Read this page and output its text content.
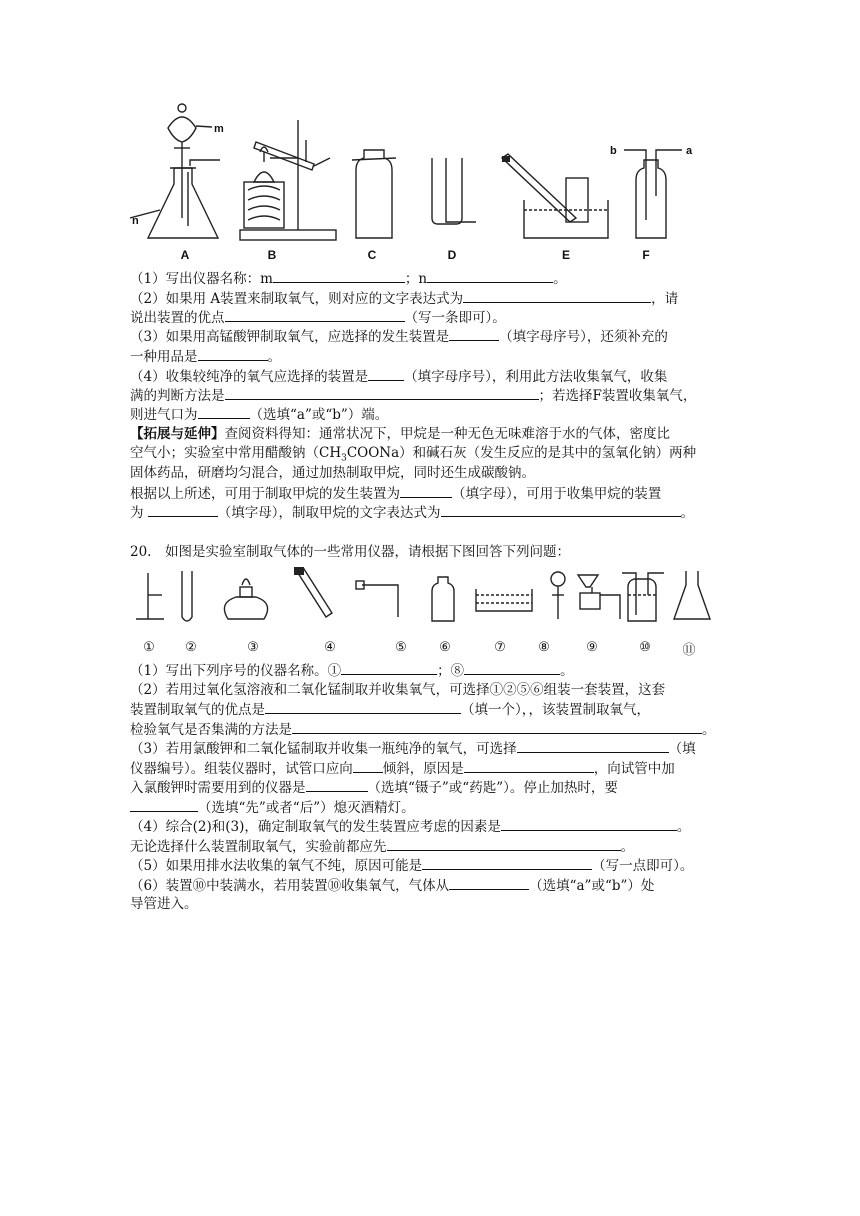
m
n
b	a
A	B	C	D	E	F
（1）写出仪器名称：m	；n	。
（2）如果用 A装置来制取氧气，则对应的文字表达式为	，请
说出装置的优点	（写一条即可）。
（3）如果用高锰酸钾制取氧气，应选择的发生装置是	（填字母序号），还须补充的
一种用品是	。
（4）收集较纯净的氧气应选择的装置是	（填字母序号），利用此方法收集氧气，收集
满的判断方法是	；若选择F装置收集氧气，
则进气口为	（选填“a”或“b”）端。
【拓展与延伸】查阅资料得知：通常状况下，甲烷是一种无色无味难溶于水的气体，密度比
空气小；实验室中常用醋酸钠$(CH_3COONa)$和碱石灰（发生反应的是其中的氢氧化钠）两种
固体药品，研磨均匀混合，通过加热制取甲烷，同时还生成碳酸钠。
根据以上所述，可用于制取甲烷的发生装置为	（填字母），可用于收集甲烷的装置
为	（填字母），制取甲烷的文字表达式为	。
20.　如图是实验室制取气体的一些常用仪器，请根据下图回答下列问题：
① ②	③	④	⑤ ⑥	⑦ ⑧	⑨	⑩ ⑪
（1）写出下列序号的仪器名称。①	；⑧	。
（2）若用过氧化氢溶液和二氧化锰制取并收集氧气，可选择①②⑤⑥组装一套装置，这套
装置制取氧气的优点是	（填一个），，该装置制取氧气，
检验氧气是否集满的方法是	。
（3）若用氯酸钾和二氧化锰制取并收集一瓶纯净的氧气，可选择	（填
仪器编号）。组装仪器时，试管口应向 倾斜，原因是	，向试管中加
入氯酸钾时需要用到的仪器是	（选填“镊子”或“药匙”）。停止加热时，要
（选填“先”或者“后”）熄灭酒精灯。
（4）综合(2)和(3)，确定制取氧气的发生装置应考虑的因素是	。
无论选择什么装置制取氧气，实验前都应先	。
（5）如果用排水法收集的氧气不纯，原因可能是	（写一点即可）。
（6）装置⑩中装满水，若用装置⑩收集氧气，气体从	（选填“a”或“b”）处
导管进入。
